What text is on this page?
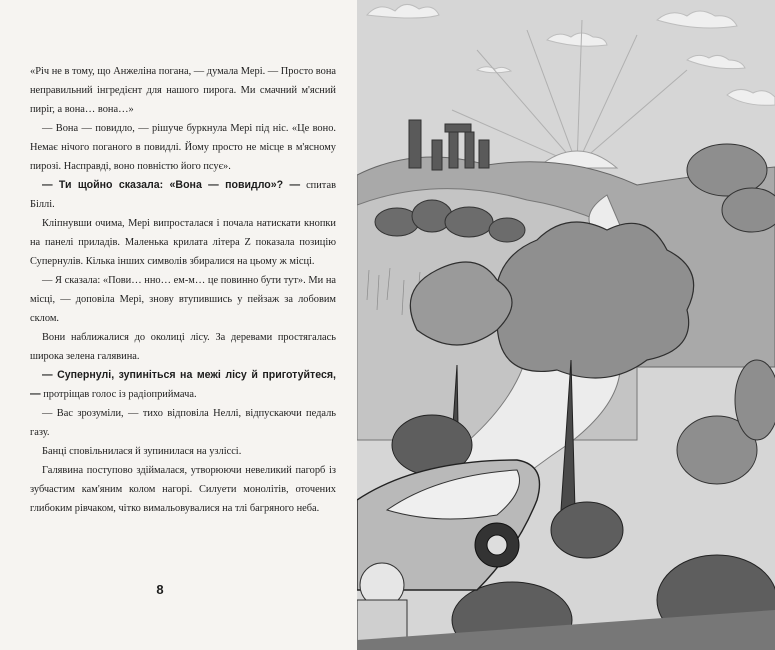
«Річ не в тому, що Анжеліна погана, — думала Мері. — Просто вона неправильний інгредієнт для нашого пирога. Ми смачний м'ясний пиріг, а вона… вона…»

— Вона — повидло, — рішуче буркнула Мері під ніс. «Це воно. Немає нічого поганого в повидлі. Йому просто не місце в м'ясному пирозі. Насправді, воно повністю його псує».

— Ти щойно сказала: «Вона — повидло»? — спитав Біллі.

Кліпнувши очима, Мері випросталася і почала натискати кнопки на панелі приладів. Маленька крилата літера Z показала позицію Супернулів. Кілька інших символів збиралися на цьому ж місці.

— Я сказала: «Пови… нно… ем-м… це повинно бути тут». Ми на місці, — доповіла Мері, знову втупившись у пейзаж за лобовим склом.

Вони наближалися до околиці лісу. За деревами простягалась широка зелена галявина.

— Супернулі, зупиніться на межі лісу й приготуйтеся, — протріщав голос із радіоприймача.

— Вас зрозуміли, — тихо відповіла Неллі, відпускаючи педаль газу.

Банці сповільнилася й зупинилася на узліссі.

Галявина поступово здіймалася, утворюючи невеликий пагорб із зубчастим кам'яним колом нагорі. Силуети монолітів, оточених глибоким рівчаком, чітко вимальовувалися на тлі багряного неба.

8
